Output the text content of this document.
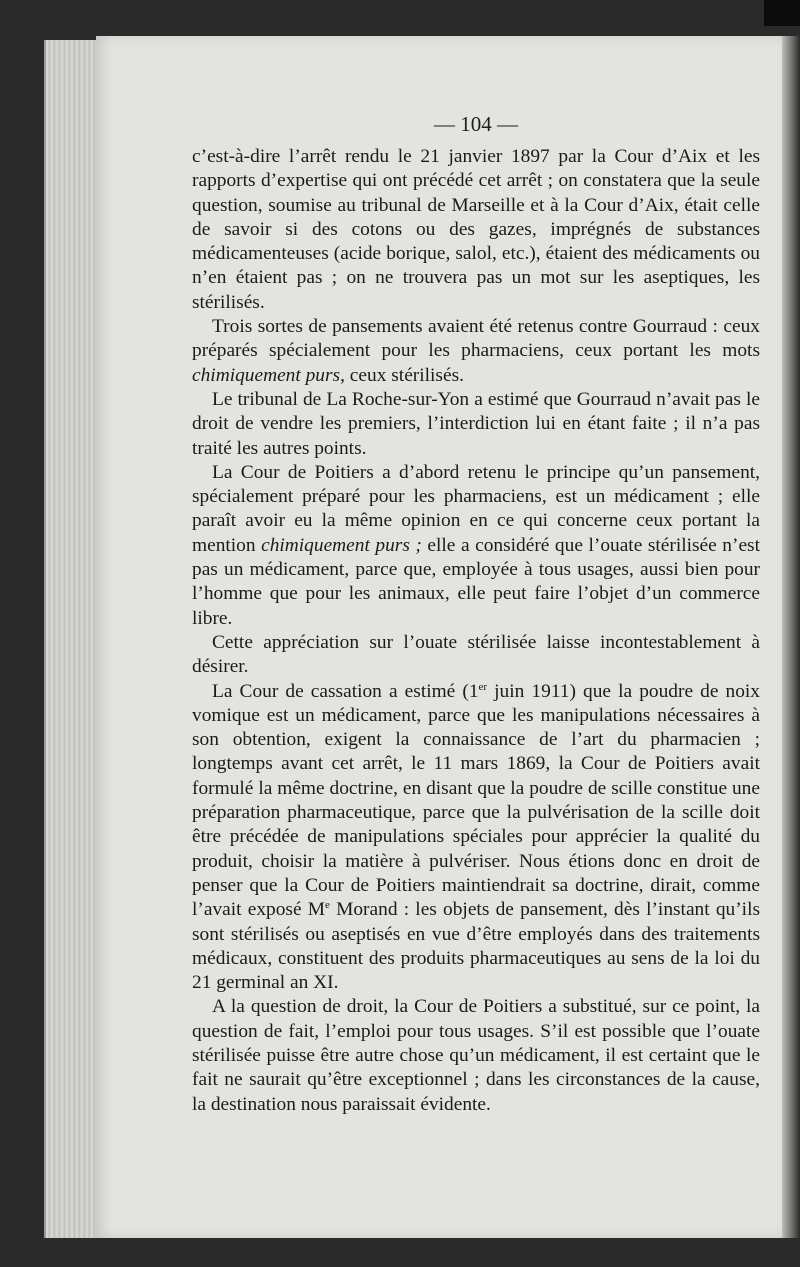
— 104 —

c’est-à-dire l’arrêt rendu le 21 janvier 1897 par la Cour d’Aix et les rapports d’expertise qui ont précédé cet arrêt ; on constatera que la seule question, soumise au tribunal de Marseille et à la Cour d’Aix, était celle de savoir si des cotons ou des gazes, imprégnés de substances médicamenteuses (acide borique, salol, etc.), étaient des médicaments ou n’en étaient pas ; on ne trouvera pas un mot sur les aseptiques, les stérilisés.

Trois sortes de pansements avaient été retenus contre Gourraud : ceux préparés spécialement pour les pharmaciens, ceux portant les mots chimiquement purs, ceux stérilisés.

Le tribunal de La Roche-sur-Yon a estimé que Gourraud n’avait pas le droit de vendre les premiers, l’interdiction lui en étant faite ; il n’a pas traité les autres points.

La Cour de Poitiers a d’abord retenu le principe qu’un pansement, spécialement préparé pour les pharmaciens, est un médicament ; elle paraît avoir eu la même opinion en ce qui concerne ceux portant la mention chimiquement purs ; elle a considéré que l’ouate stérilisée n’est pas un médicament, parce que, employée à tous usages, aussi bien pour l’homme que pour les animaux, elle peut faire l’objet d’un commerce libre.

Cette appréciation sur l’ouate stérilisée laisse incontestablement à désirer.

La Cour de cassation a estimé (1er juin 1911) que la poudre de noix vomique est un médicament, parce que les manipulations nécessaires à son obtention, exigent la connaissance de l’art du pharmacien ; longtemps avant cet arrêt, le 11 mars 1869, la Cour de Poitiers avait formulé la même doctrine, en disant que la poudre de scille constitue une préparation pharmaceutique, parce que la pulvérisation de la scille doit être précédée de manipulations spéciales pour apprécier la qualité du produit, choisir la matière à pulvériser. Nous étions donc en droit de penser que la Cour de Poitiers maintiendrait sa doctrine, dirait, comme l’avait exposé Me Morand : les objets de pansement, dès l’instant qu’ils sont stérilisés ou aseptisés en vue d’être employés dans des traitements médicaux, constituent des produits pharmaceutiques au sens de la loi du 21 germinal an XI.

A la question de droit, la Cour de Poitiers a substitué, sur ce point, la question de fait, l’emploi pour tous usages. S’il est possible que l’ouate stérilisée puisse être autre chose qu’un médicament, il est certaint que le fait ne saurait qu’être exceptionnel ; dans les circonstances de la cause, la destination nous paraissait évidente.
